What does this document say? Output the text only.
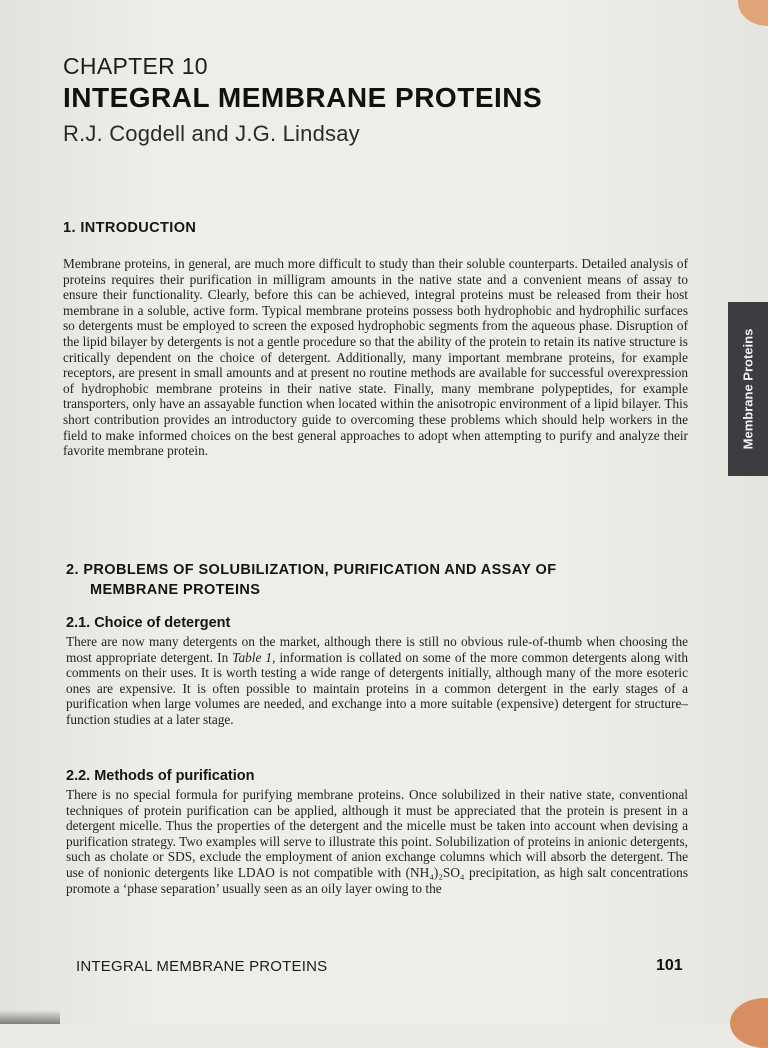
CHAPTER 10
INTEGRAL MEMBRANE PROTEINS
R.J. Cogdell and J.G. Lindsay
1. INTRODUCTION

Membrane proteins, in general, are much more difficult to study than their soluble counterparts. Detailed analysis of proteins requires their purification in milligram amounts in the native state and a convenient means of assay to ensure their functionality. Clearly, before this can be achieved, integral proteins must be released from their host membrane in a soluble, active form. Typical membrane proteins possess both hydrophobic and hydrophilic surfaces so detergents must be employed to screen the exposed hydrophobic segments from the aqueous phase. Disruption of the lipid bilayer by detergents is not a gentle procedure so that the ability of the protein to retain its native structure is critically dependent on the choice of detergent. Additionally, many important membrane proteins, for example receptors, are present in small amounts and at present no routine methods are available for successful overexpression of hydrophobic membrane proteins in their native state. Finally, many membrane polypeptides, for example transporters, only have an assayable function when located within the anisotropic environment of a lipid bilayer. This short contribution provides an introductory guide to overcoming these problems which should help workers in the field to make informed choices on the best general approaches to adopt when attempting to purify and analyze their favorite membrane protein.

Membrane Proteins
2. PROBLEMS OF SOLUBILIZATION, PURIFICATION AND ASSAY OF
MEMBRANE PROTEINS
2.1. Choice of detergent

There are now many detergents on the market, although there is still no obvious rule-of-thumb when choosing the most appropriate detergent. In Table 1, information is collated on some of the more common detergents along with comments on their uses. It is worth testing a wide range of detergents initially, although many of the more esoteric ones are expensive. It is often possible to maintain proteins in a common detergent in the early stages of a purification when large volumes are needed, and exchange into a more suitable (expensive) detergent for structure–function studies at a later stage.

2.2. Methods of purification

There is no special formula for purifying membrane proteins. Once solubilized in their native state, conventional techniques of protein purification can be applied, although it must be appreciated that the protein is present in a detergent micelle. Thus the properties of the detergent and the micelle must be taken into account when devising a purification strategy. Two examples will serve to illustrate this point. Solubilization of proteins in anionic detergents, such as cholate or SDS, exclude the employment of anion exchange columns which will absorb the detergent. The use of nonionic detergents like LDAO is not compatible with (NH₄)₂SO₄ precipitation, as high salt concentrations promote a ‘phase separation’ usually seen as an oily layer owing to the

INTEGRAL MEMBRANE PROTEINS	101
